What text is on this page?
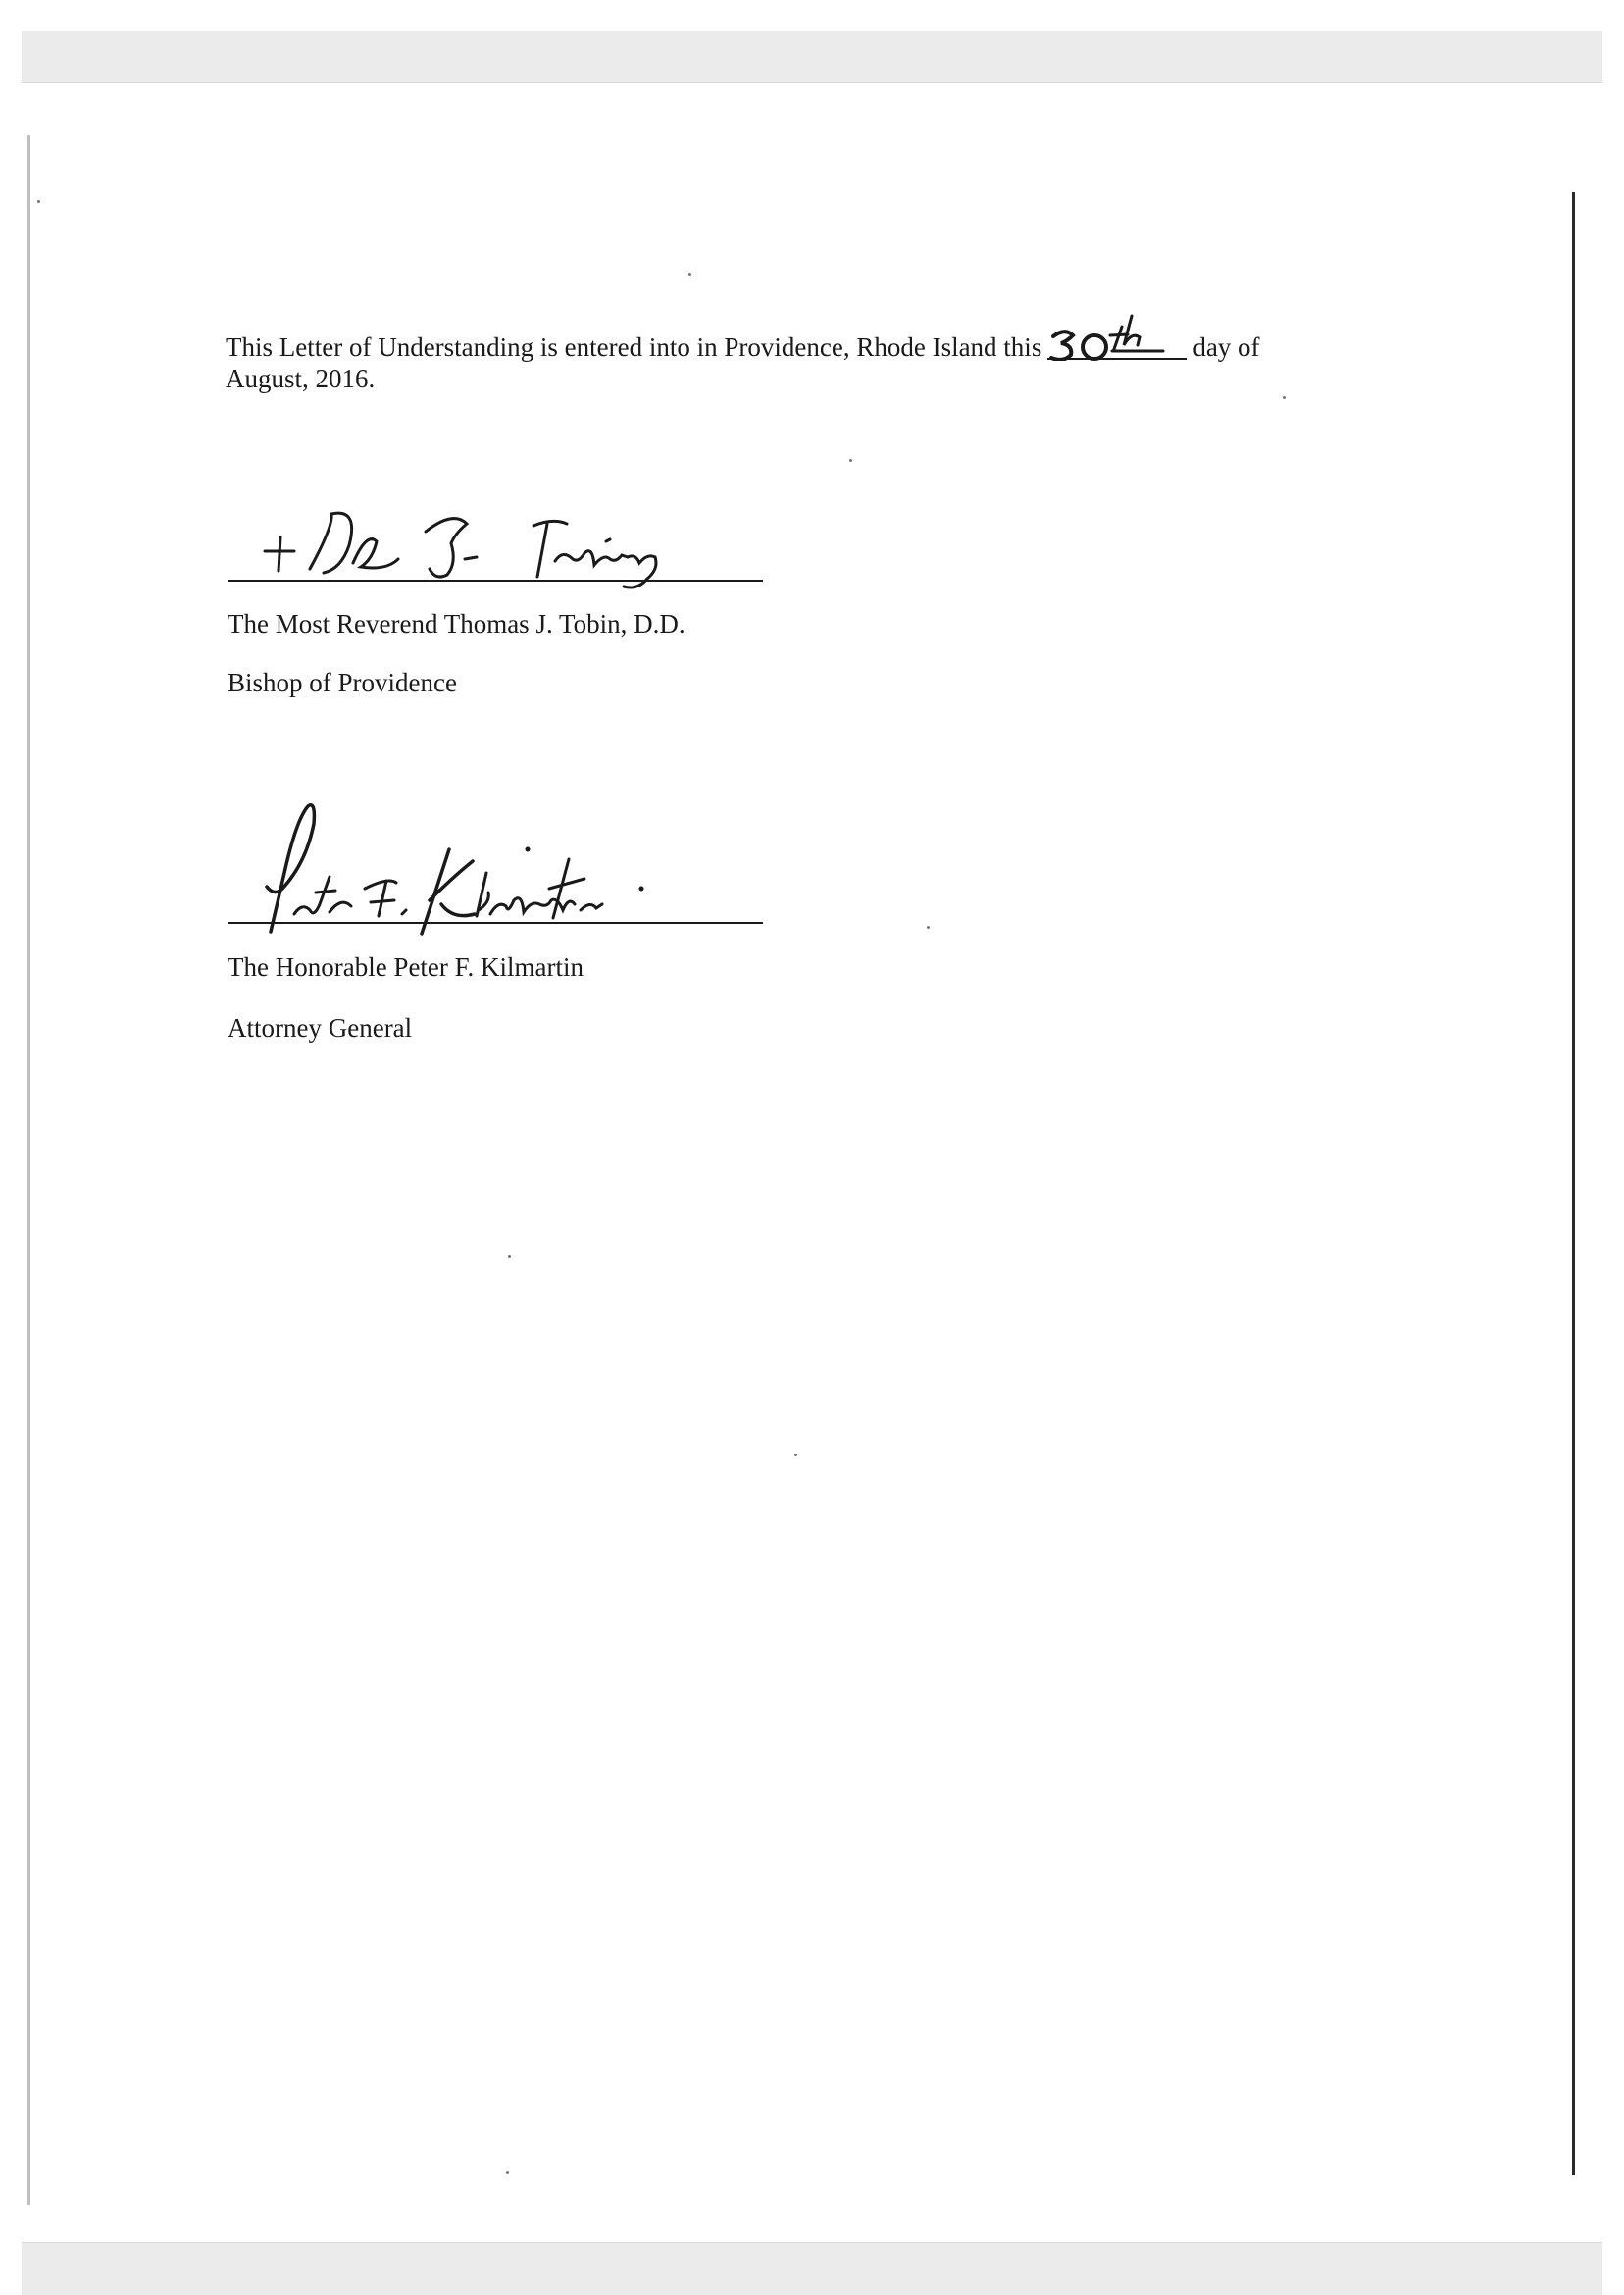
This Letter of Understanding is entered into in Providence, Rhode Island this	day of
August, 2016.
The Most Reverend Thomas J. Tobin, D.D.
Bishop of Providence
The Honorable Peter F. Kilmartin
Attorney General
